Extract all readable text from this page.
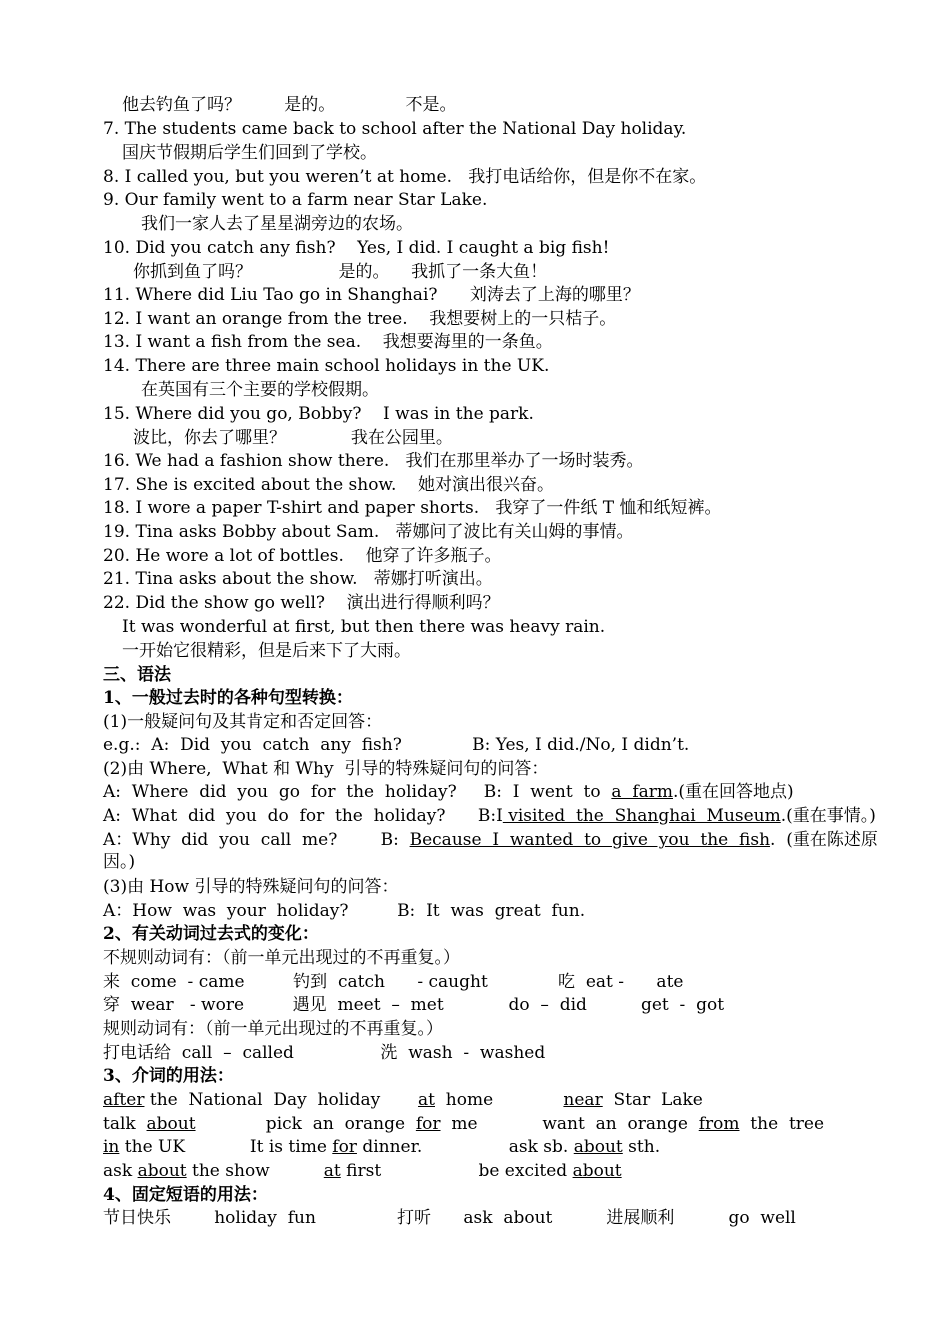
他去钓鱼了吗？        是的。             不是。
7. The students came back to school after the National Day holiday.
国庆节假期后学生们回到了学校。
8. I called you, but you weren’t at home.   我打电话给你，但是你不在家。
9. Our family went to a farm near Star Lake.
我们一家人去了星星湖旁边的农场。
10. Did you catch any fish?    Yes, I did. I caught a big fish!
你抓到鱼了吗？                是的。    我抓了一条大鱼！
11. Where did Liu Tao go in Shanghai?      刘涛去了上海的哪里？
12. I want an orange from the tree.    我想要树上的一只桔子。
13. I want a fish from the sea.    我想要海里的一条鱼。
14. There are three main school holidays in the UK.
在英国有三个主要的学校假期。
15. Where did you go, Bobby?    I was in the park.
波比，你去了哪里？            我在公园里。
16. We had a fashion show there.   我们在那里举办了一场时装秀。
17. She is excited about the show.    她对演出很兴奋。
18. I wore a paper T-shirt and paper shorts.   我穿了一件纸 T 恤和纸短裤。
19. Tina asks Bobby about Sam.   蒂娜问了波比有关山姆的事情。
20. He wore a lot of bottles.    他穿了许多瓶子。
21. Tina asks about the show.   蒂娜打听演出。
22. Did the show go well?    演出进行得顺利吗？
It was wonderful at first, but then there was heavy rain.
一开始它很精彩，但是后来下了大雨。
三、语法
1、一般过去时的各种句型转换：
(1)一般疑问句及其肯定和否定回答：
e.g.:  A:  Did  you  catch  any  fish?             B: Yes, I did./No, I didn’t.
(2)由 Where,  What 和 Why  引导的特殊疑问句的问答：
A:  Where  did  you  go  for  the  holiday?     B:  I  went  to  a  farm.(重在回答地点)
A:  What  did  you  do  for  the  holiday?      B:I visited  the  Shanghai  Museum.(重在事情。)
A：Why  did  you  call  me?        B:  Because  I  wanted  to  give  you  the  fish.  (重在陈述原
因。)
(3)由 How 引导的特殊疑问句的问答：
A：How  was  your  holiday?         B:  It  was  great  fun.
2、有关动词过去式的变化：
不规则动词有：（前一单元出现过的不再重复。）
来  come  - came         钓到  catch      - caught             吃  eat -      ate
穿  wear   - wore         遇见  meet  –  met            do  –  did          get  -  got
规则动词有：（前一单元出现过的不再重复。）
打电话给  call  –  called                洗  wash  -  washed
3、介词的用法：
after the  National  Day  holiday       at  home             near  Star  Lake
talk  about             pick  an  orange  for  me            want  an  orange  from  the  tree
in the UK            It is time for dinner.                ask sb. about sth.
ask about the show          at first                  be excited about
4、固定短语的用法：
节日快乐        holiday  fun               打听      ask  about          进展顺利          go  well
